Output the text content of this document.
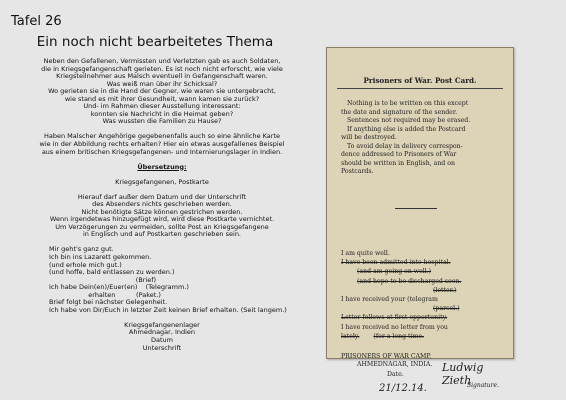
Tafel 26
Ein noch nicht bearbeitetes Thema

Neben den Gefallenen, Vermissten und Verletzten gab es auch Soldaten,

die in Kriegsgefangenschaft gerieten. Es ist noch nicht erforscht, wie viele

Kriegsteilnehmer aus Malsch eventuell in Gefangenschaft waren.

Was weiß man über ihr Schicksal?

Wo gerieten sie in die Hand der Gegner, wie waren sie untergebracht,

wie stand es mit ihrer Gesundheit, wann kamen sie zurück?

Und- im Rahmen dieser Ausstellung interessant:

konnten sie Nachricht in die Heimat geben?

Was wussten die Familien zu Hause?

Haben Malscher Angehörige gegebenenfalls auch so eine ähnliche Karte

wie in der Abbildung rechts erhalten? Hier ein etwas ausgefallenes Beispiel

aus einem britischen Kriegsgefangenen- und Internierungslager in Indien.

Übersetzung:

Kriegsgefangenen, Postkarte

Hierauf darf außer dem Datum und der Unterschrift

des Absenders nichts geschrieben werden.

Nicht benötigte Sätze können gestrichen werden.

Wenn irgendetwas hinzugefügt wird, wird diese Postkarte vernichtet.

Um Verzögerungen zu vermeiden, sollte Post an Kriegsgefangene

in Englisch und auf Postkarten geschrieben sein.

Mir geht's ganz gut.
Ich bin ins Lazarett gekommen.
(und erhole mich gut.)
(und hoffe, bald entlassen zu werden.)
(Brief)
Ich habe Dein(en)/Euer(en)    (Telegramm.)
erhalten          (Paket.)
Brief folgt bei nächster Gelegenheit.
Ich habe von Dir/Euch in letzter Zeit keinen Brief erhalten. (Seit langem.)

Kriegsgefangenenlager

Ahmednagar, Indien

Datum

Unterschrift

Prisoners of War. Post Card.
Nothing is to be written on this except
the date and signature of the sender.
Sentences not required may be erased.
If anything else is added the Postcard
will be destroyed.
To avoid delay in delivery correspon-
dence addressed to Prisoners of War
should be written in English, and on
Postcards.
I am quite well.
I have been admitted into hospital.
(and am going on well.)
(and hope to be discharged soon.
(letter.)
I have received your (telegram
(parcel.)
Letter follows at first opportunity.
I have received no letter from you
lately. (for a long time.
PRISONERS OF WAR CAMP,
AHMEDNAGAR, INDIA.
Date.
21/12.14.
Ludwig Zieth
Signature.
